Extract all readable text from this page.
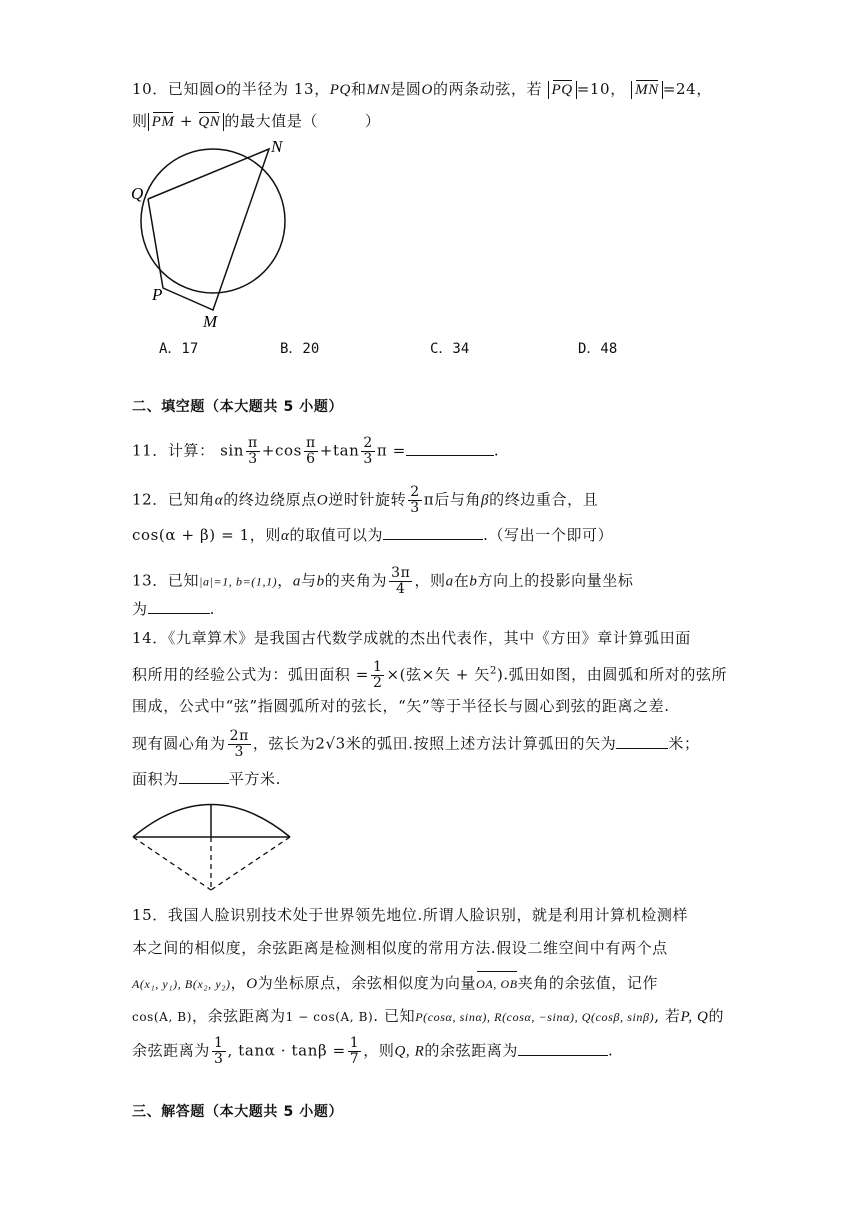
10．已知圆O的半径为 13，PQ和MN是圆O的两条动弦，若 PQ =10， MN =24，
则 PM + QN 的最大值是（　　　）
N
Q
P
M
A．17	B．20	C．34	D．48
二、填空题（本大题共 5 小题）
11．计算： $\sin \frac{\pi}{3} +\cos \frac{\pi}{6} +\tan \frac{2}{3}$ π =	.
12．已知角α的终边绕原点O逆时针旋转 $\frac{2}{3}$ π后与角β的终边重合，且
cos(α + β) = 1，则α的取值可以为	.（写出一个即可）
13．已知|a|=1, b=(1,1)，a与b的夹角为 $\frac{3\pi}{4}$ ，则a在b方向上的投影向量坐标
为	.
14．《九章算术》是我国古代数学成就的杰出代表作，其中《方田》章计算弧田面
积所用的经验公式为：弧田面积 = $\frac{1}{2}$ ×(弦×矢 + 矢$^2$).弧田如图，由圆弧和所对的弦所
围成，公式中“弦”指圆弧所对的弦长，“矢”等于半径长与圆心到弦的距离之差.
现有圆心角为 $\frac{2\pi}{3}$ ，弦长为2√3米的弧田.按照上述方法计算弧田的矢为	米；
面积为	平方米.
15．我国人脸识别技术处于世界领先地位.所谓人脸识别，就是利用计算机检测样
本之间的相似度，余弦距离是检测相似度的常用方法.假设二维空间中有两个点
A(x₁, y₁), B(x₂, y₂)，O为坐标原点，余弦相似度为向量OA, OB夹角的余弦值，记作
cos(A, B)，余弦距离为1 − cos(A, B). 已知P(cosα, sinα), R(cosα, −sinα), Q(cosβ, sinβ), 若P, Q的
余弦距离为 $\frac{1}{3}$ , $\tan\alpha \cdot \tan\beta = \frac{1}{7}$ ，则Q, R的余弦距离为	.
三、解答题（本大题共 5 小题）
